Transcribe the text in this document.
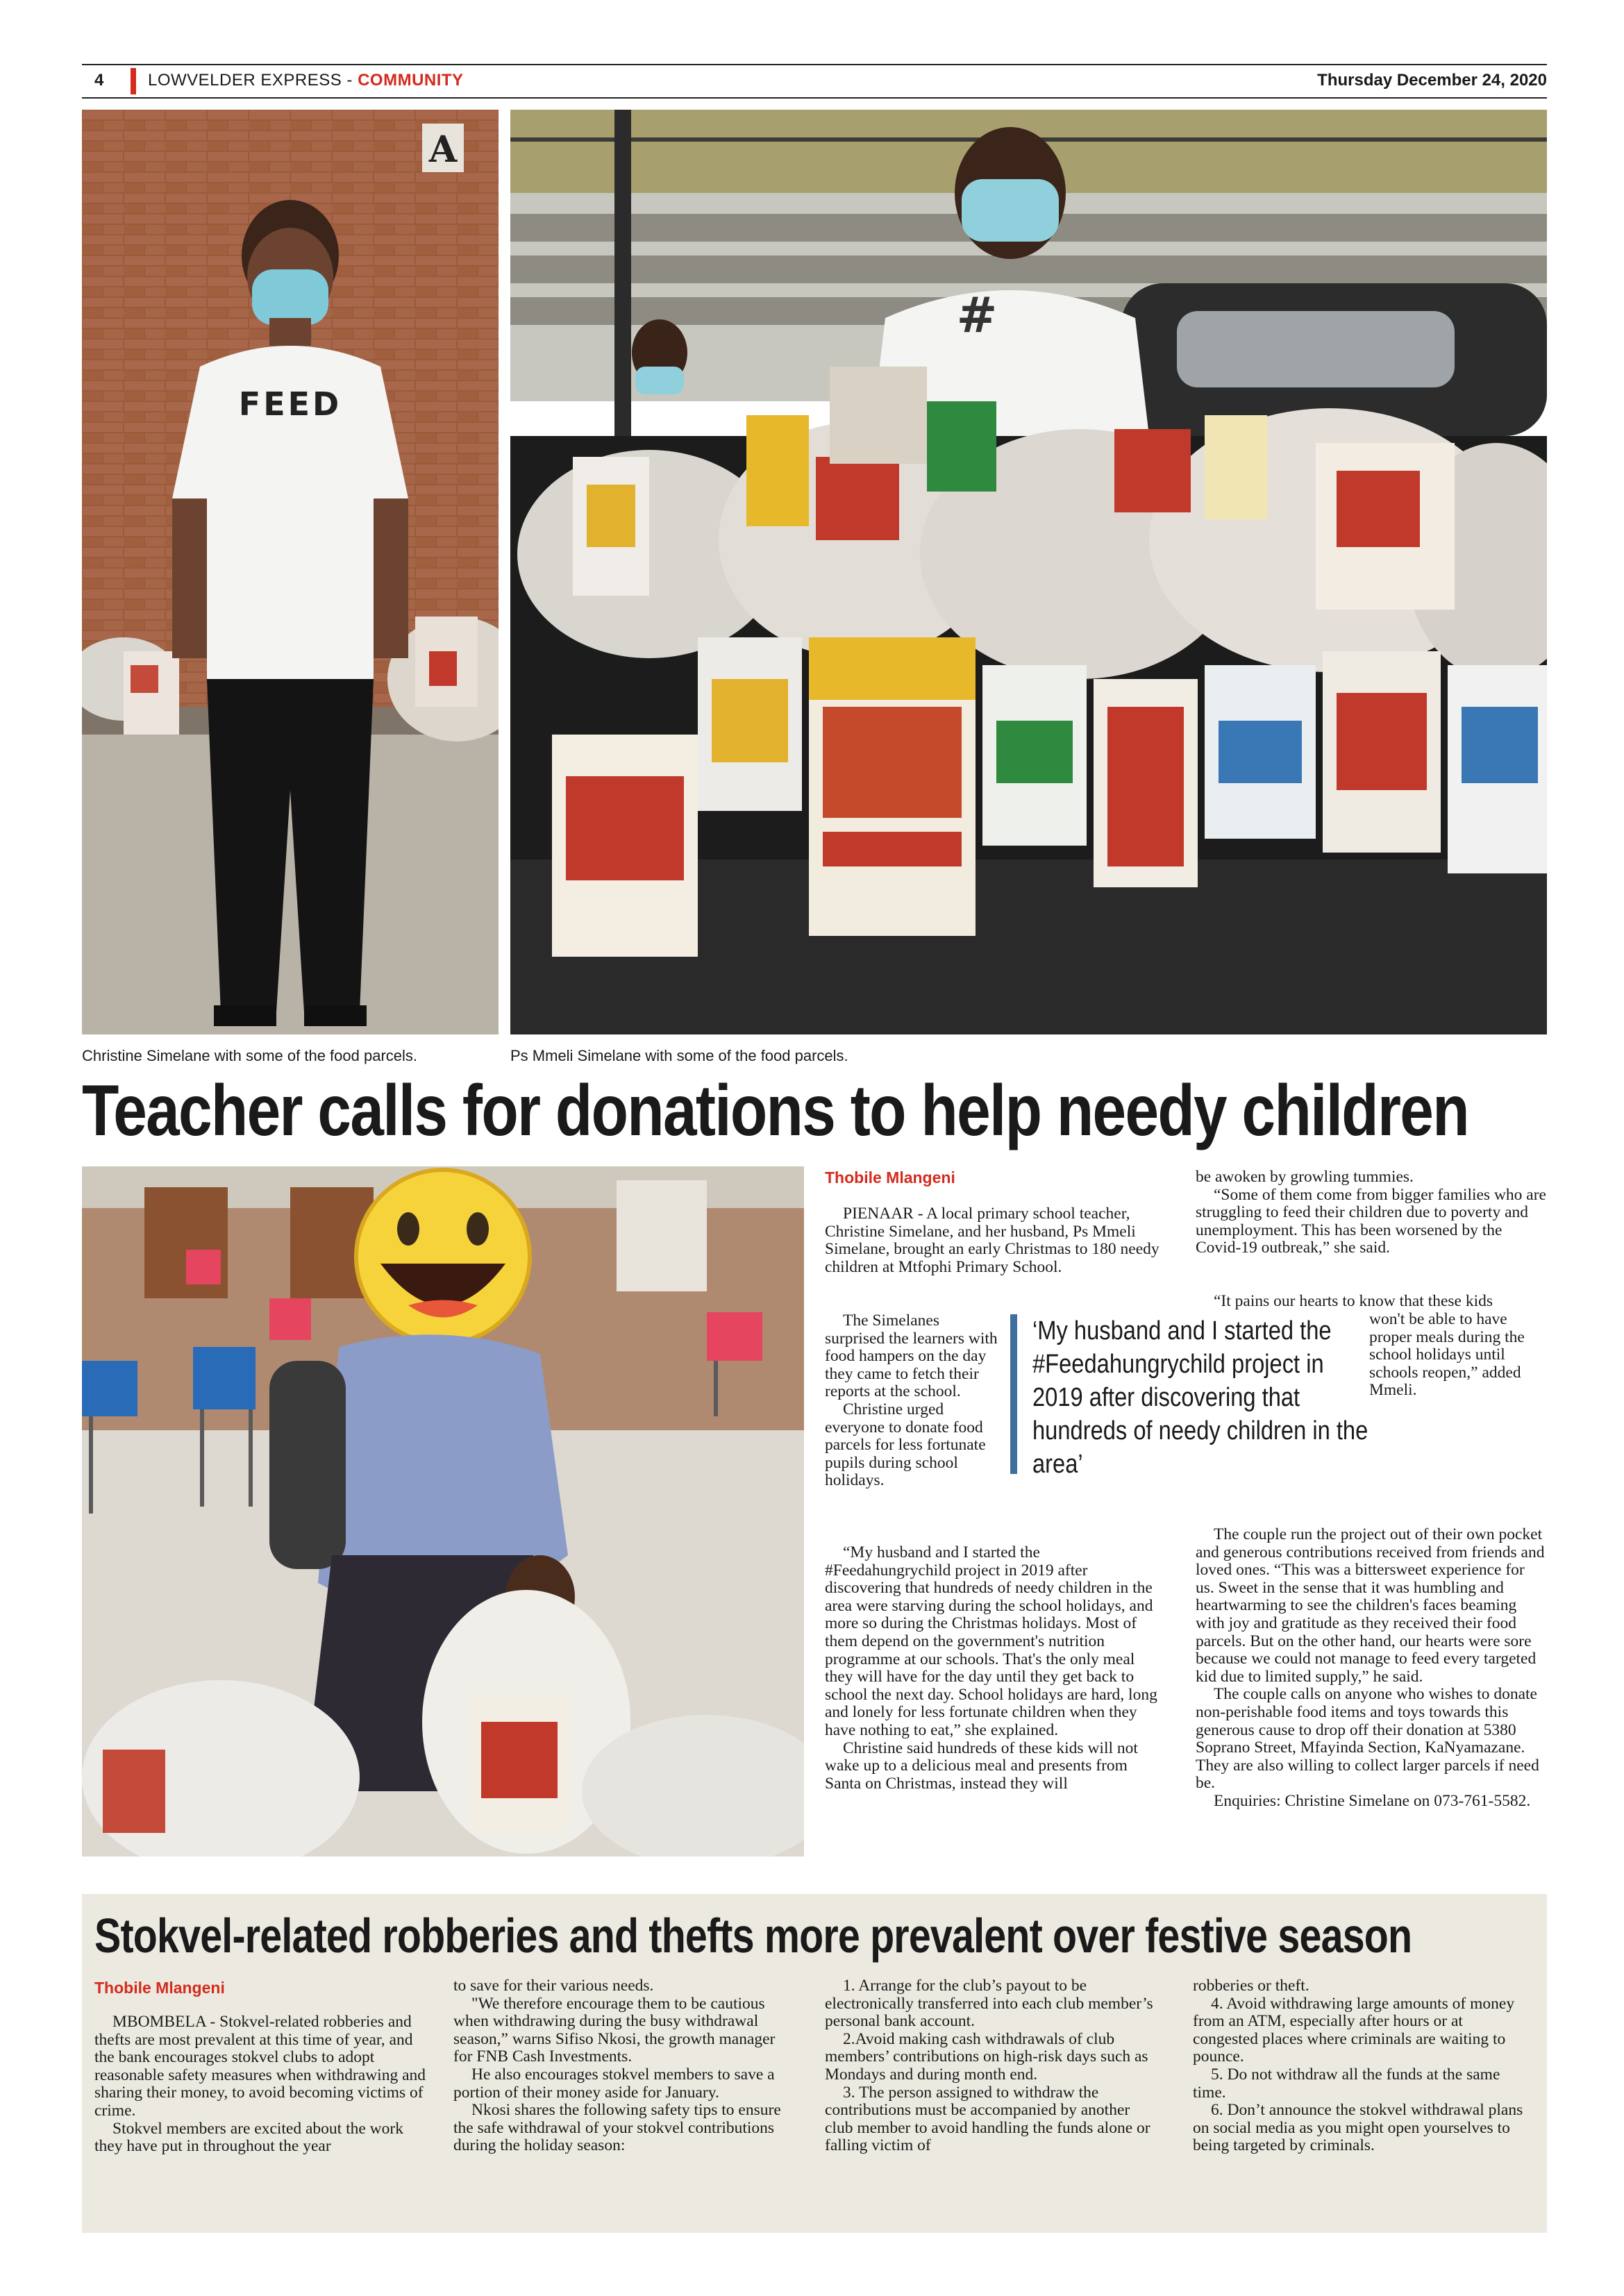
4	LOWVELDER EXPRESS - COMMUNITY	Thursday December 24, 2020
A
FEED
Christine Simelane with some of the food parcels.
#
Ps Mmeli Simelane with some of the food parcels.
Teacher calls for donations to help needy children
Thobile Mlangeni

PIENAAR - A local primary school teacher, Christine Simelane, and her husband, Ps Mmeli Simelane, brought an early Christmas to 180 needy children at Mtfophi Primary School.

The Simelanes surprised the learners with food hampers on the day they came to fetch their reports at the school.

Christine urged everyone to donate food parcels for less fortunate pupils during school holidays.

“My husband and I started the #Feedahungrychild project in 2019 after discovering that hundreds of needy children in the area were starving during the school holidays, and more so during the Christmas holidays. Most of them depend on the government's nutrition programme at our schools. That's the only meal they will have for the day until they get back to school the next day. School holidays are hard, long and lonely for less fortunate children when they have nothing to eat,” she explained.

Christine said hundreds of these kids will not wake up to a delicious meal and presents from Santa on Christmas, instead they will

‘My husband and I started the #Feedahungrychild project in 2019 after discovering that hundreds of needy children in the area’

be awoken by growling tummies.

“Some of them come from bigger families who are struggling to feed their children due to poverty and unemployment. This has been worsened by the Covid-19 outbreak,” she said.

“It pains our hearts to know that these kids

won't be able to have proper meals during the school holidays until schools reopen,” added Mmeli.

The couple run the project out of their own pocket and generous contributions received from friends and loved ones. “This was a bittersweet experience for us. Sweet in the sense that it was humbling and heartwarming to see the children's faces beaming with joy and gratitude as they received their food parcels. But on the other hand, our hearts were sore because we could not manage to feed every targeted kid due to limited supply,” he said.

The couple calls on anyone who wishes to donate non-perishable food items and toys towards this generous cause to drop off their donation at 5380 Soprano Street, Mfayinda Section, KaNyamazane. They are also willing to collect larger parcels if need be.

Enquiries: Christine Simelane on 073-761-5582.

Stokvel-related robberies and thefts more prevalent over festive season
Thobile Mlangeni

MBOMBELA - Stokvel-related robberies and thefts are most prevalent at this time of year, and the bank encourages stokvel clubs to adopt reasonable safety measures when withdrawing and sharing their money, to avoid becoming victims of crime.

Stokvel members are excited about the work they have put in throughout the year

to save for their various needs.

"We therefore encourage them to be cautious when withdrawing during the busy withdrawal season,” warns Sifiso Nkosi, the growth manager for FNB Cash Investments.

He also encourages stokvel members to save a portion of their money aside for January.

Nkosi shares the following safety tips to ensure the safe withdrawal of your stokvel contributions during the holiday season:

1. Arrange for the club’s payout to be electronically transferred into each club member’s personal bank account.

2.Avoid making cash withdrawals of club members’ contributions on high-risk days such as Mondays and during month end.

3. The person assigned to withdraw the contributions must be accompanied by another club member to avoid handling the funds alone or falling victim of

robberies or theft.

4. Avoid withdrawing large amounts of money from an ATM, especially after hours or at congested places where criminals are waiting to pounce.

5. Do not withdraw all the funds at the same time.

6. Don’t announce the stokvel withdrawal plans on social media as you might open yourselves to being targeted by criminals.
